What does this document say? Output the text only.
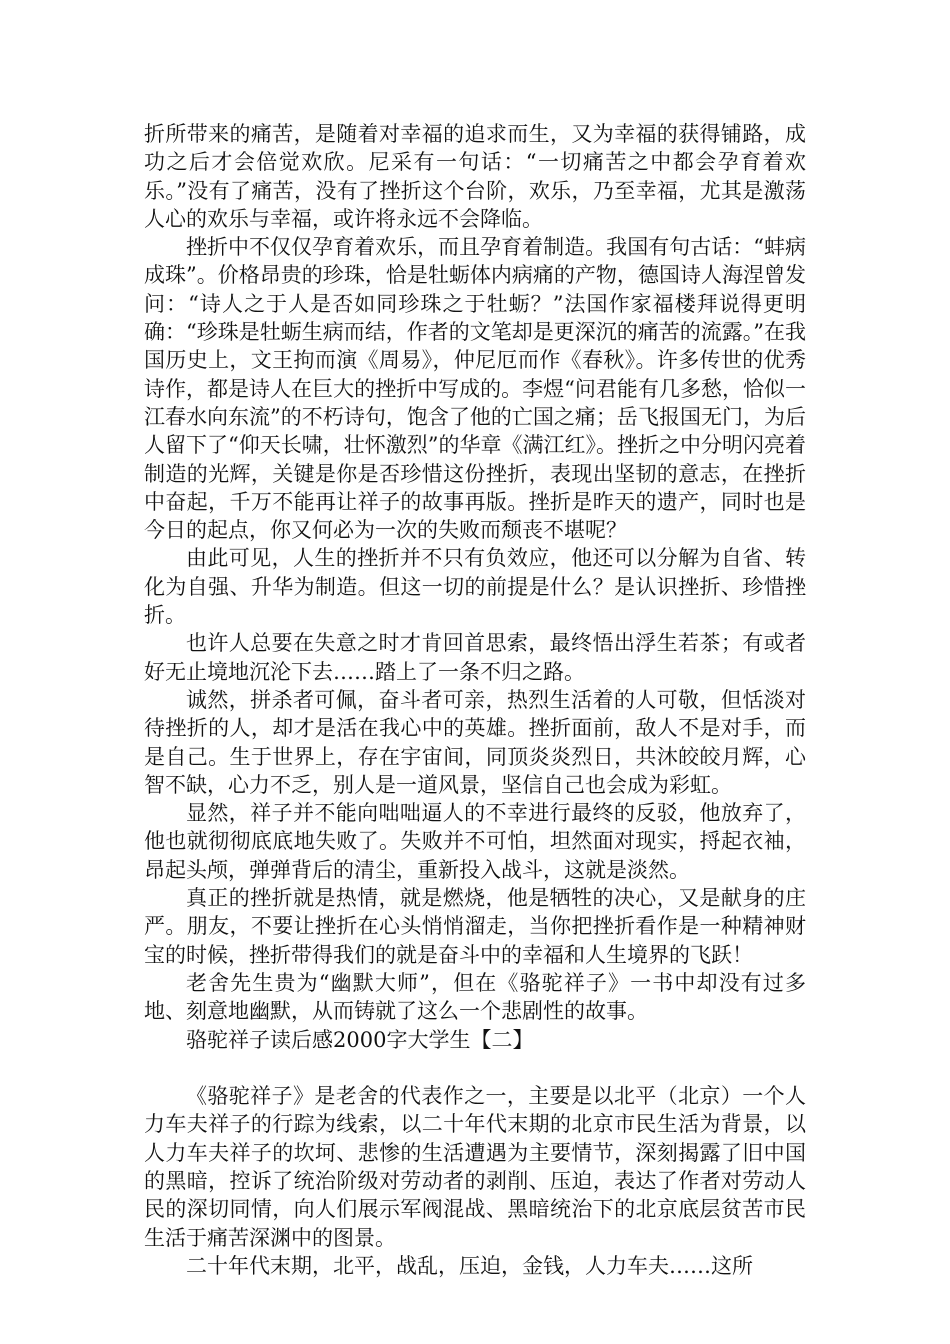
折所带来的痛苦，是随着对幸福的追求而生，又为幸福的获得铺路，成功之后才会倍觉欢欣。尼采有一句话：“一切痛苦之中都会孕育着欢乐。”没有了痛苦，没有了挫折这个台阶，欢乐，乃至幸福，尤其是激荡人心的欢乐与幸福，或许将永远不会降临。

挫折中不仅仅孕育着欢乐，而且孕育着制造。我国有句古话：“蚌病成珠”。价格昂贵的珍珠，恰是牡蛎体内病痛的产物，德国诗人海涅曾发问：“诗人之于人是否如同珍珠之于牡蛎？”法国作家福楼拜说得更明确：“珍珠是牡蛎生病而结，作者的文笔却是更深沉的痛苦的流露。”在我国历史上，文王拘而演《周易》，仲尼厄而作《春秋》。许多传世的优秀诗作，都是诗人在巨大的挫折中写成的。李煜“问君能有几多愁，恰似一江春水向东流”的不朽诗句，饱含了他的亡国之痛；岳飞报国无门，为后人留下了“仰天长啸，壮怀激烈”的华章《满江红》。挫折之中分明闪亮着制造的光辉，关键是你是否珍惜这份挫折，表现出坚韧的意志，在挫折中奋起，千万不能再让祥子的故事再版。挫折是昨天的遗产，同时也是今日的起点，你又何必为一次的失败而颓丧不堪呢？

由此可见，人生的挫折并不只有负效应，他还可以分解为自省、转化为自强、升华为制造。但这一切的前提是什么？是认识挫折、珍惜挫折。

也许人总要在失意之时才肯回首思索，最终悟出浮生若茶；有或者好无止境地沉沦下去……踏上了一条不归之路。

诚然，拼杀者可佩，奋斗者可亲，热烈生活着的人可敬，但恬淡对待挫折的人，却才是活在我心中的英雄。挫折面前，敌人不是对手，而是自己。生于世界上，存在宇宙间，同顶炎炎烈日，共沐皎皎月辉，心智不缺，心力不乏，别人是一道风景，坚信自己也会成为彩虹。

显然，祥子并不能向咄咄逼人的不幸进行最终的反驳，他放弃了，他也就彻彻底底地失败了。失败并不可怕，坦然面对现实，捋起衣袖，昂起头颅，弹弹背后的清尘，重新投入战斗，这就是淡然。

真正的挫折就是热情，就是燃烧，他是牺牲的决心，又是献身的庄严。朋友，不要让挫折在心头悄悄溜走，当你把挫折看作是一种精神财宝的时候，挫折带得我们的就是奋斗中的幸福和人生境界的飞跃！

老舍先生贵为“幽默大师”，但在《骆驼祥子》一书中却没有过多地、刻意地幽默，从而铸就了这么一个悲剧性的故事。

骆驼祥子读后感2000字大学生【二】

《骆驼祥子》是老舍的代表作之一，主要是以北平（北京）一个人力车夫祥子的行踪为线索，以二十年代末期的北京市民生活为背景，以人力车夫祥子的坎坷、悲惨的生活遭遇为主要情节，深刻揭露了旧中国的黑暗，控诉了统治阶级对劳动者的剥削、压迫，表达了作者对劳动人民的深切同情，向人们展示军阀混战、黑暗统治下的北京底层贫苦市民生活于痛苦深渊中的图景。

二十年代末期，北平，战乱，压迫，金钱，人力车夫……这所
